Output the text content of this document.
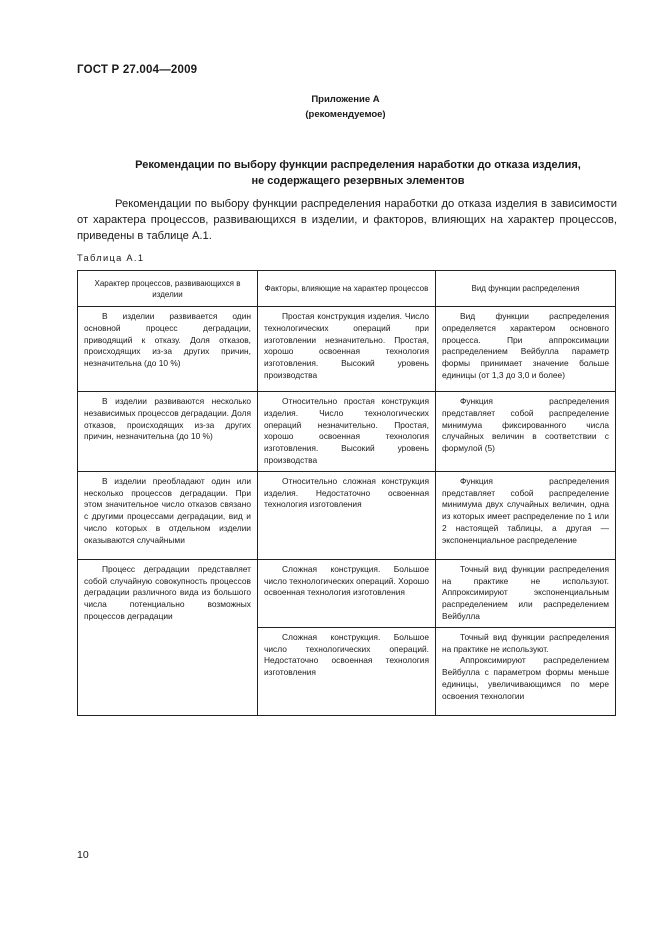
ГОСТ Р 27.004—2009
Приложение А
(рекомендуемое)
Рекомендации по выбору функции распределения наработки до отказа изделия,
не содержащего резервных элементов
Рекомендации по выбору функции распределения наработки до отказа изделия в зависимости от характера процессов, развивающихся в изделии, и факторов, влияющих на характер процессов, приведены в таблице А.1.
Таблица А.1
Характер процессов, развивающихся в изделии	Факторы, влияющие на характер процессов	Вид функции распределения

В изделии развивается один основной процесс деградации, приводящий к отказу. Доля отказов, происходящих из-за других причин, незначительна (до 10 %)	Простая конструкция изделия. Число технологических операций при изготовлении незначительно. Простая, хорошо освоенная технология изготовления. Высокий уровень производства	Вид функции распределения определяется характером основного процесса. При аппроксимации распределением Вейбулла параметр формы принимает значение больше единицы (от 1,3 до 3,0 и более)

В изделии развиваются несколько независимых процессов деградации. Доля отказов, происходящих из-за других причин, незначительна (до 10 %)	Относительно простая конструкция изделия. Число технологических операций незначительно. Простая, хорошо освоенная технология изготовления. Высокий уровень производства	Функция распределения представляет собой распределение минимума фиксированного числа случайных величин в соответствии с формулой (5)

В изделии преобладают один или несколько процессов деградации. При этом значительное число отказов связано с другими процессами деградации, вид и число которых в отдельном изделии оказываются случайными	Относительно сложная конструкция изделия. Недостаточно освоенная технология изготовления	Функция распределения представляет собой распределение минимума двух случайных величин, одна из которых имеет распределение по 1 или 2 настоящей таблицы, а другая — экспоненциальное распределение

Процесс деградации представляет собой случайную совокупность процессов деградации различного вида из большого числа потенциально возможных процессов деградации	Сложная конструкция. Большое число технологических операций. Хорошо освоенная технология изготовления	Точный вид функции распределения на практике не используют. Аппроксимируют экспоненциальным распределением или распределением Вейбулла

	Сложная конструкция. Большое число технологических операций. Недостаточно освоенная технология изготовления	Точный вид функции распределения на практике не используют.
Аппроксимируют распределением Вейбулла с параметром формы меньше единицы, увеличивающимся по мере освоения технологии
10
